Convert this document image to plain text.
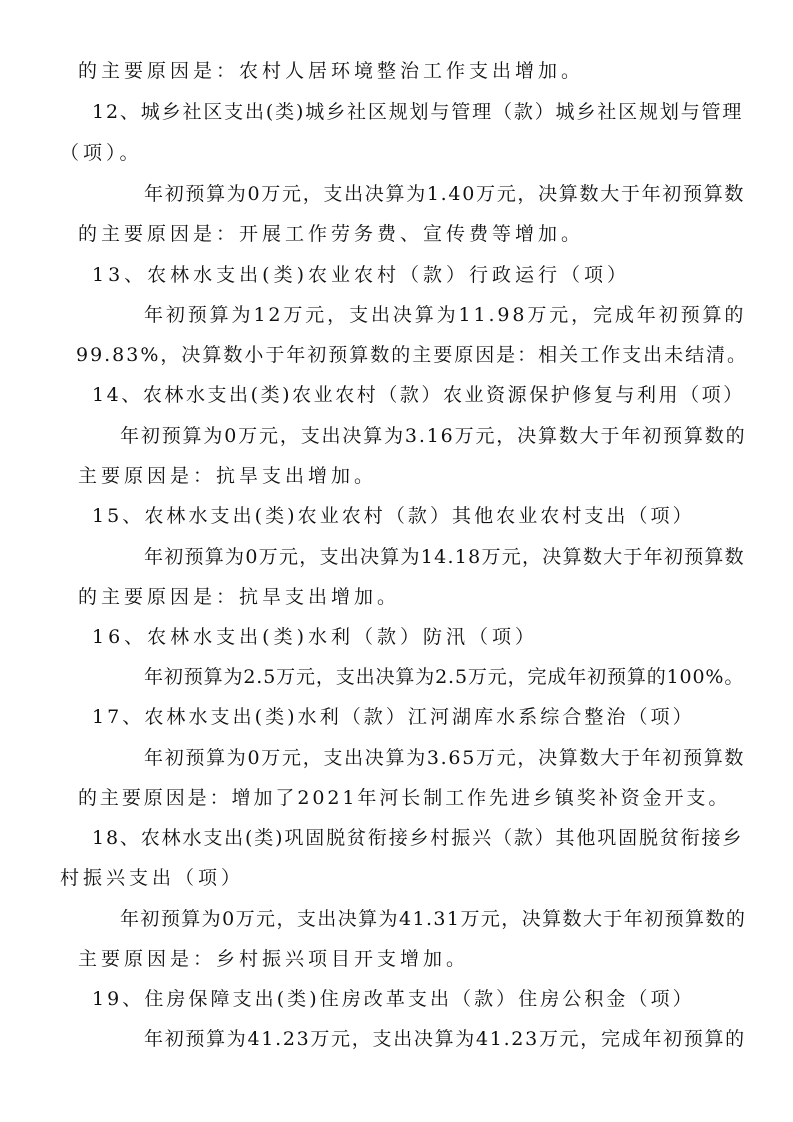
的主要原因是：农村人居环境整治工作支出增加。
12、城乡社区支出(类)城乡社区规划与管理（款）城乡社区规划与管理
（项）。
年初预算为0万元，支出决算为1.40万元，决算数大于年初预算数
的主要原因是：开展工作劳务费、宣传费等增加。
13、农林水支出(类)农业农村（款）行政运行（项）
年初预算为12万元，支出决算为11.98万元，完成年初预算的
99.83%，决算数小于年初预算数的主要原因是：相关工作支出未结清。
14、农林水支出(类)农业农村（款）农业资源保护修复与利用（项）
年初预算为0万元，支出决算为3.16万元，决算数大于年初预算数的
主要原因是：抗旱支出增加。
15、农林水支出(类)农业农村（款）其他农业农村支出（项）
年初预算为0万元，支出决算为14.18万元，决算数大于年初预算数
的主要原因是：抗旱支出增加。
16、农林水支出(类)水利（款）防汛（项）
年初预算为2.5万元，支出决算为2.5万元，完成年初预算的100%。
17、农林水支出(类)水利（款）江河湖库水系综合整治（项）
年初预算为0万元，支出决算为3.65万元，决算数大于年初预算数
的主要原因是：增加了2021年河长制工作先进乡镇奖补资金开支。
18、农林水支出(类)巩固脱贫衔接乡村振兴（款）其他巩固脱贫衔接乡
村振兴支出（项）
年初预算为0万元，支出决算为41.31万元，决算数大于年初预算数的
主要原因是：乡村振兴项目开支增加。
19、住房保障支出(类)住房改革支出（款）住房公积金（项）
年初预算为41.23万元，支出决算为41.23万元，完成年初预算的
